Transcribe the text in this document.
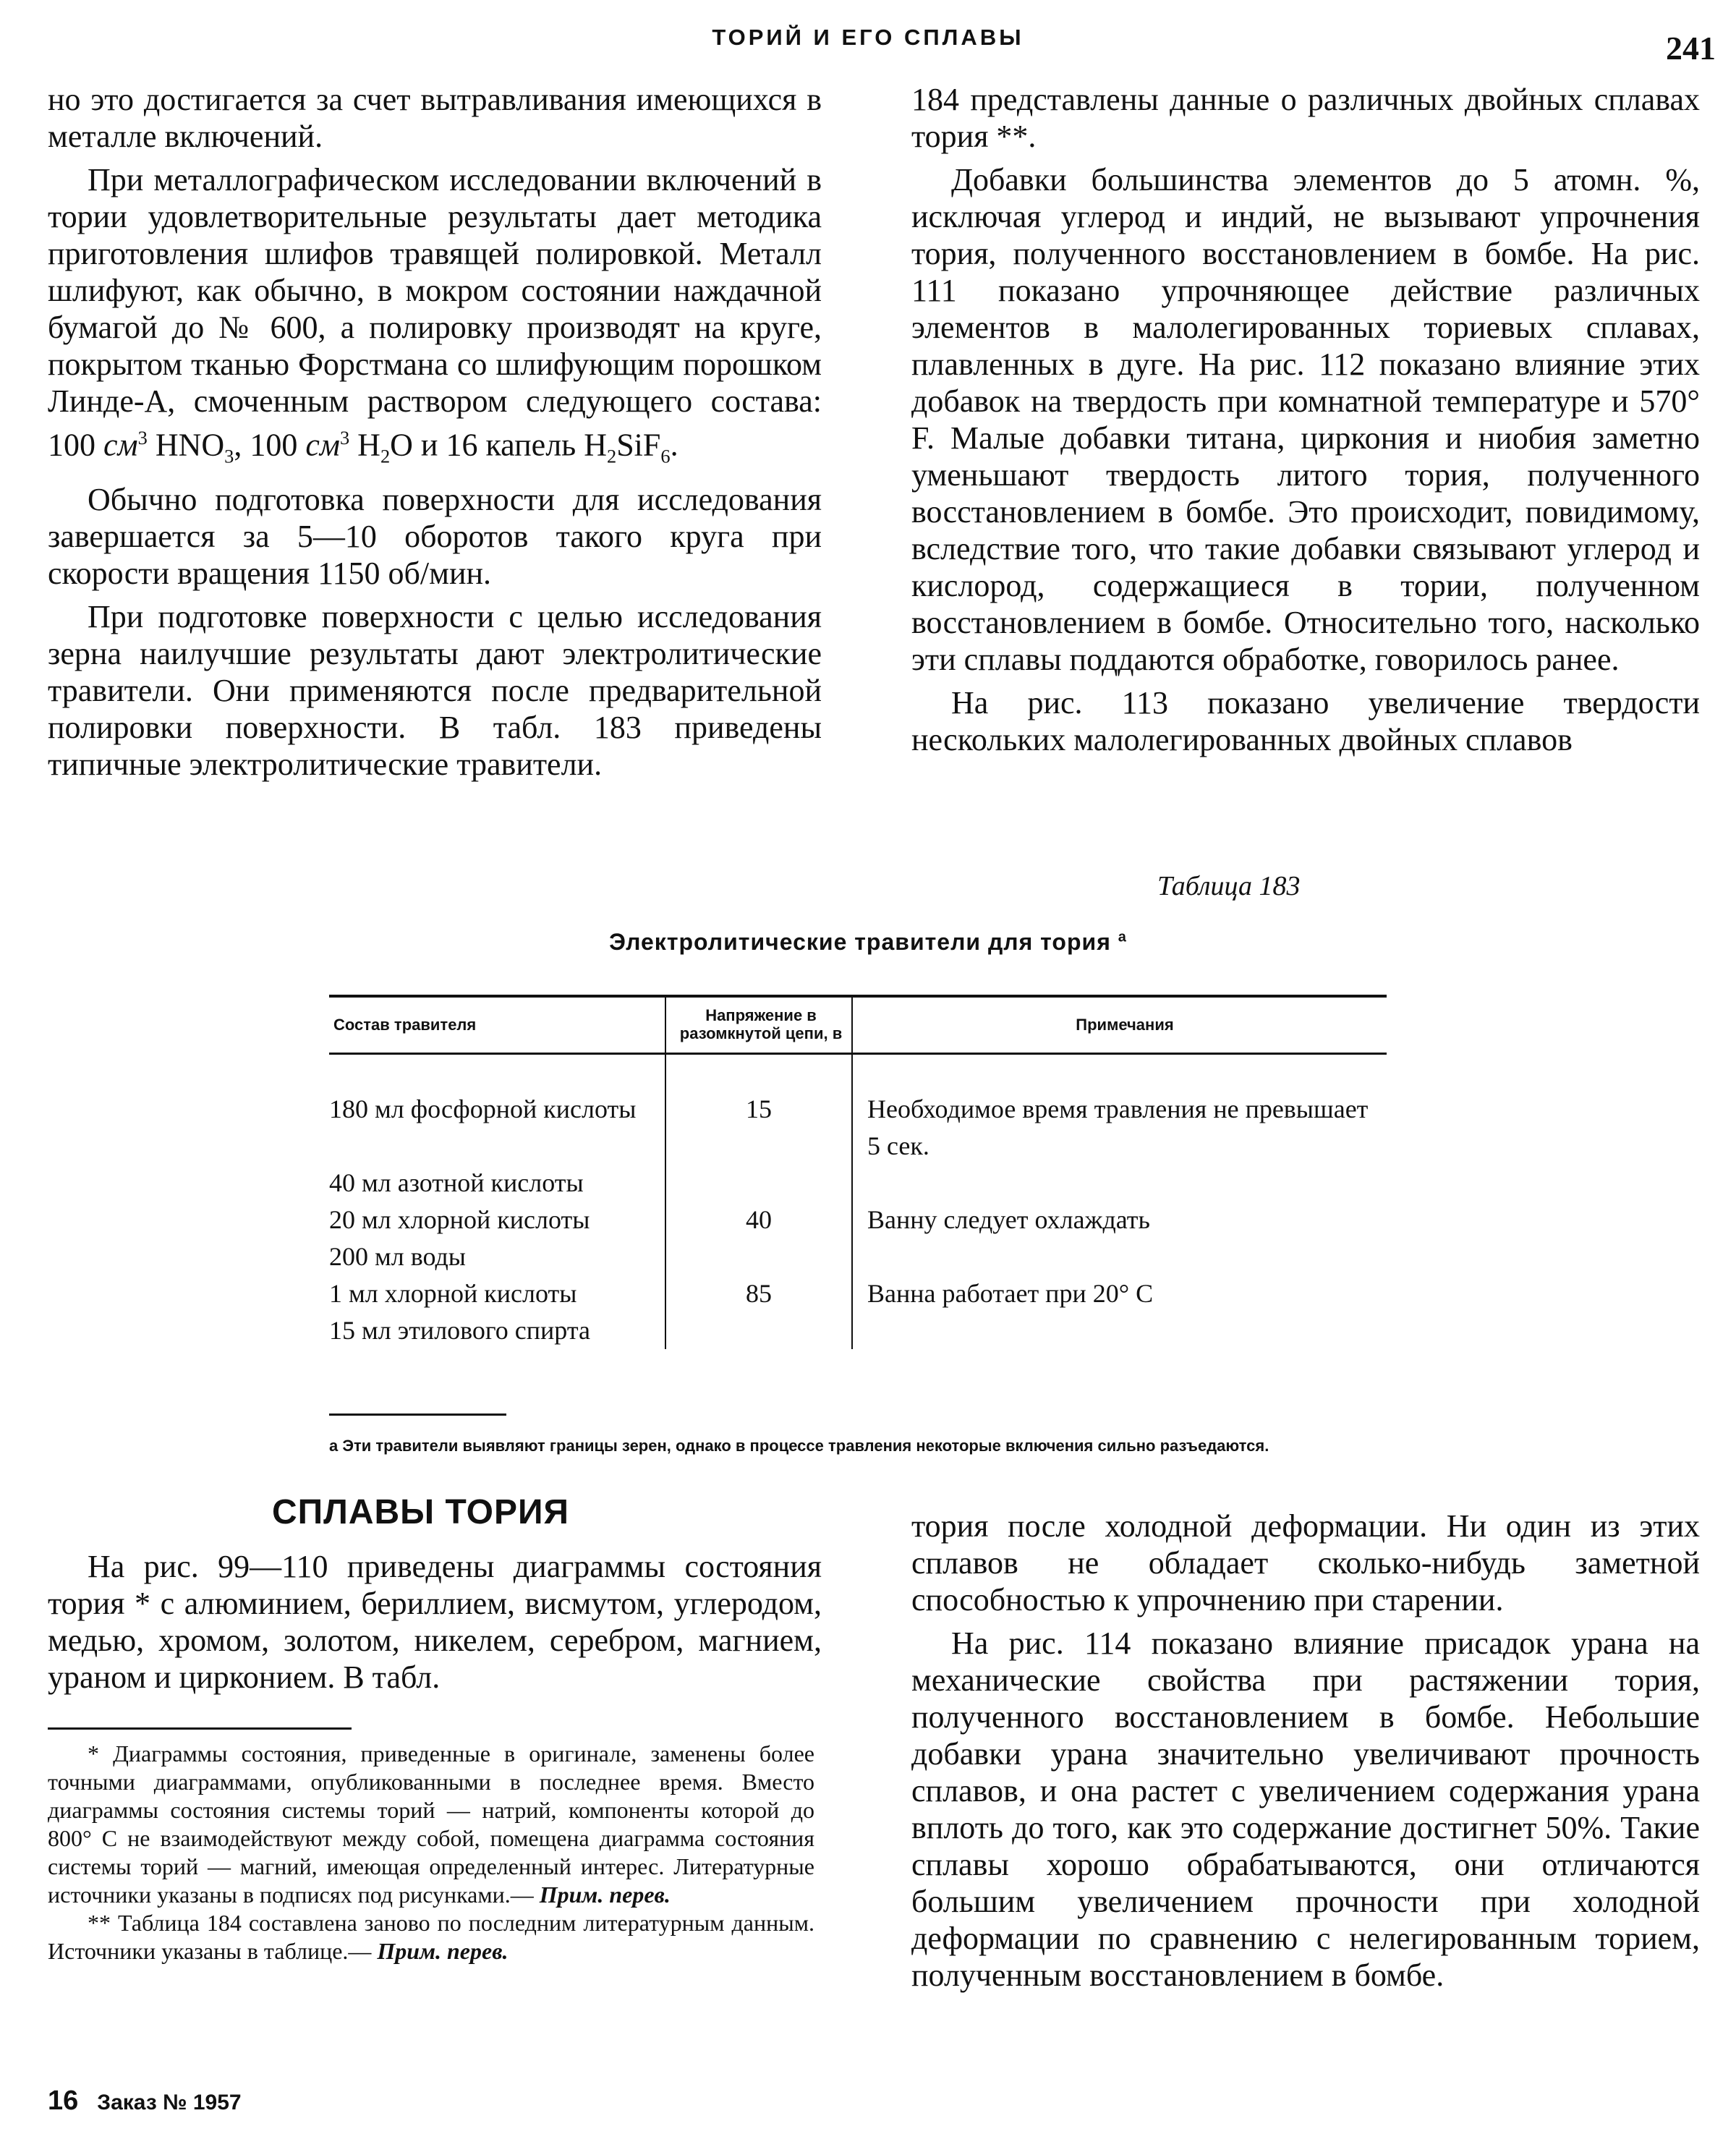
ТОРИЙ И ЕГО СПЛАВЫ	241

но это достигается за счет вытравливания имеющихся в металле включений.

При металлографическом исследовании включений в тории удовлетворительные результаты дает методика приготовления шлифов травящей полировкой. Металл шлифуют, как обычно, в мокром состоянии наждачной бумагой до № 600, а полировку производят на круге, покрытом тканью Форстмана со шлифующим порошком Линде-А, смоченным раствором следующего состава: 100 $см^3$ $HNO_3$, 100 $см^3$ $H_2O$ и 16 капель $H_2SiF_6$.

Обычно подготовка поверхности для исследования завершается за 5—10 оборотов такого круга при скорости вращения 1150 об/мин.

При подготовке поверхности с целью исследования зерна наилучшие результаты дают электролитические травители. Они применяются после предварительной полировки поверхности. В табл. 183 приведены типичные электролитические травители.

184 представлены данные о различных двойных сплавах тория **.

Добавки большинства элементов до 5 атомн. %, исключая углерод и индий, не вызывают упрочнения тория, полученного восстановлением в бомбе. На рис. 111 показано упрочняющее действие различных элементов в малолегированных ториевых сплавах, плавленных в дуге. На рис. 112 показано влияние этих добавок на твердость при комнатной температуре и 570° F. Малые добавки титана, циркония и ниобия заметно уменьшают твердость литого тория, полученного восстановлением в бомбе. Это происходит, повидимому, вследствие того, что такие добавки связывают углерод и кислород, содержащиеся в тории, полученном восстановлением в бомбе. Относительно того, насколько эти сплавы поддаются обработке, говорилось ранее.

На рис. 113 показано увеличение твердости нескольких малолегированных двойных сплавов

Таблица 183
Электролитические травители для тория $^а$
Состав травителя	Напряжение в разомкнутой цепи, в	Примечания
180 мл фосфорной кислоты	15	Необходимое время травления не превышает 5 сек.
40 мл азотной кислоты		
20 мл хлорной кислоты	40	Ванну следует охлаждать
200 мл воды		
1 мл хлорной кислоты	85	Ванна работает при 20° С
15 мл этилового спирта		
а Эти травители выявляют границы зерен, однако в процессе травления некоторые включения сильно разъедаются.
СПЛАВЫ ТОРИЯ

На рис. 99—110 приведены диаграммы состояния тория * с алюминием, бериллием, висмутом, углеродом, медью, хромом, золотом, никелем, серебром, магнием, ураном и цирконием. В табл.

* Диаграммы состояния, приведенные в оригинале, заменены более точными диаграммами, опубликованными в последнее время. Вместо диаграммы состояния системы торий — натрий, компоненты которой до 800° С не взаимодействуют между собой, помещена диаграмма состояния системы торий — магний, имеющая определенный интерес. Литературные источники указаны в подписях под рисунками.— Прим. перев.

** Таблица 184 составлена заново по последним литературным данным. Источники указаны в таблице.— Прим. перев.

тория после холодной деформации. Ни один из этих сплавов не обладает сколько-нибудь заметной способностью к упрочнению при старении.

На рис. 114 показано влияние присадок урана на механические свойства при растяжении тория, полученного восстановлением в бомбе. Небольшие добавки урана значительно увеличивают прочность сплавов, и она растет с увеличением содержания урана вплоть до того, как это содержание достигнет 50%. Такие сплавы хорошо обрабатываются, они отличаются большим увеличением прочности при холодной деформации по сравнению с нелегированным торием, полученным восстановлением в бомбе.

16 Заказ № 1957
